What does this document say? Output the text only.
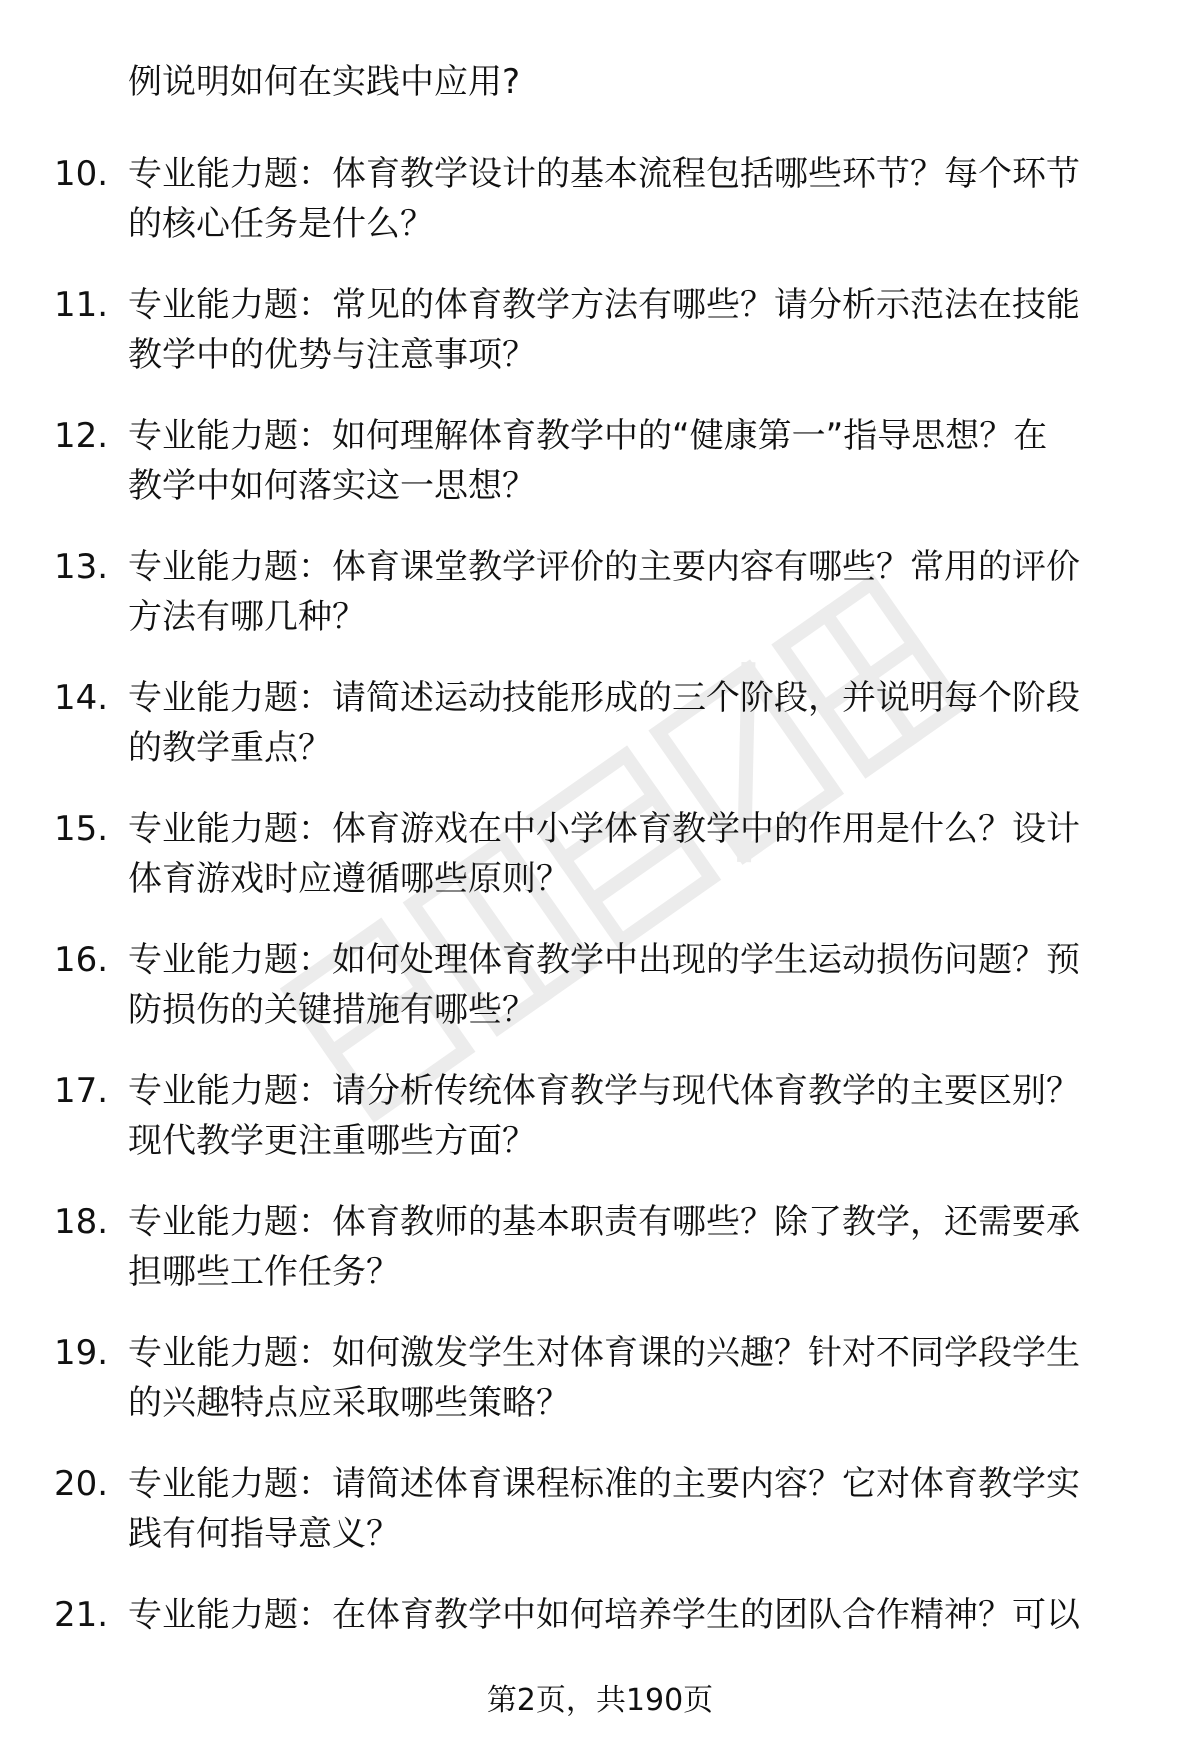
例说明如何在实践中应用?
10. 专业能力题：体育教学设计的基本流程包括哪些环节？每个环节
的核心任务是什么？
11. 专业能力题：常见的体育教学方法有哪些？请分析示范法在技能
教学中的优势与注意事项？
12. 专业能力题：如何理解体育教学中的“健康第一”指导思想？在
教学中如何落实这一思想？
13. 专业能力题：体育课堂教学评价的主要内容有哪些？常用的评价
方法有哪几种？
14. 专业能力题：请简述运动技能形成的三个阶段，并说明每个阶段
的教学重点？
15. 专业能力题：体育游戏在中小学体育教学中的作用是什么？设计
体育游戏时应遵循哪些原则？
16. 专业能力题：如何处理体育教学中出现的学生运动损伤问题？预
防损伤的关键措施有哪些？
17. 专业能力题：请分析传统体育教学与现代体育教学的主要区别？
现代教学更注重哪些方面？
18. 专业能力题：体育教师的基本职责有哪些？除了教学，还需要承
担哪些工作任务？
19. 专业能力题：如何激发学生对体育课的兴趣？针对不同学段学生
的兴趣特点应采取哪些策略？
20. 专业能力题：请简述体育课程标准的主要内容？它对体育教学实
践有何指导意义？
21. 专业能力题：在体育教学中如何培养学生的团队合作精神？可以
第2页，共190页
